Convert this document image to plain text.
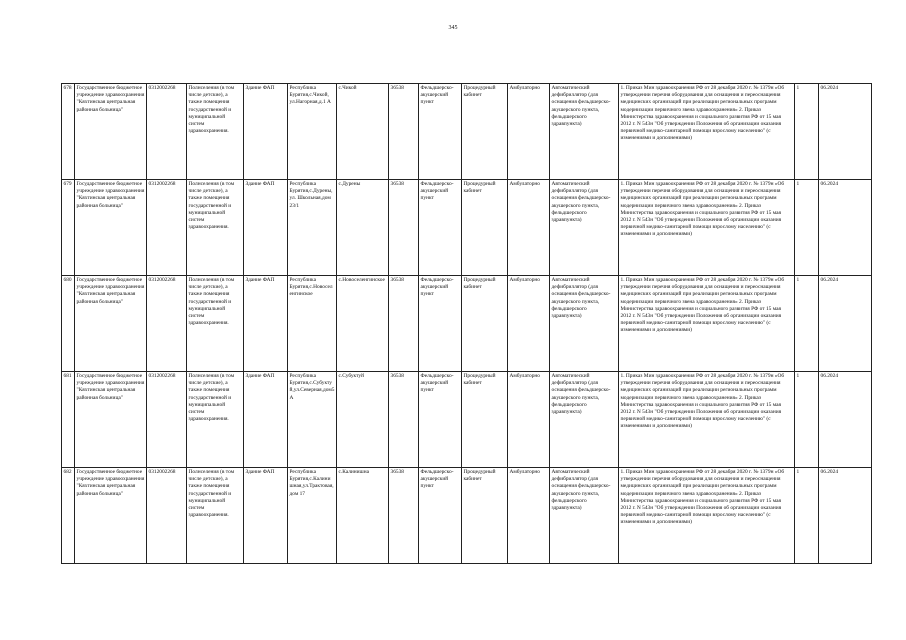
345
678	Государственное бюджетное учреждение здравоохранения "Кяхтинская центральная районная больница"	0312002268	Полнселения (в том числе детские), а также помещения государственной и муниципальной систем здравоохранения.	Здание ФАП	Республика Бурятия,с.Чикой, ул.Нагорная,д.1 А	с.Чикой	36538	Фельдшерско-акушерский пункт	Процедурный кабинет	Амбулаторно	Автоматический дефибриллятор (для оснащения фельдшерско-акушерского пункта, фельдшерского здравпункта)	1. Приказ Мин здравоохранения РФ от 28 декабря 2020 г. № 1379н «Об утверждении перечня оборудования для оснащения и переоснащения медицинских организаций при реализации региональных программ модернизации первичного звена здравоохранения» 2. Приказ Министерства здравоохранения и социального развития РФ от 15 мая 2012 г. N 543н "Об утверждении Положения об организации оказания первичной медико-санитарной помощи взрослому населению" (с изменениями и дополнениями)	1	06.2024
679	Государственное бюджетное учреждение здравоохранения "Кяхтинская центральная районная больница"	0312002268	Полнселения (в том числе детские), а также помещения государственной и муниципальной систем здравоохранения.	Здание ФАП	Республика Бурятия,с.Дурены,ул. Школьная,дом 23/1	с.Дурены	36538	Фельдшерско-акушерский пункт	Процедурный кабинет	Амбулаторно	Автоматический дефибриллятор (для оснащения фельдшерско-акушерского пункта, фельдшерского здравпункта)	1. Приказ Мин здравоохранения РФ от 28 декабря 2020 г. № 1379н «Об утверждении перечня оборудования для оснащения и переоснащения медицинских организаций при реализации региональных программ модернизации первичного звена здравоохранения» 2. Приказ Министерства здравоохранения и социального развития РФ от 15 мая 2012 г. N 543н "Об утверждении Положения об организации оказания первичной медико-санитарной помощи взрослому населению" (с изменениями и дополнениями)	1	06.2024
680	Государственное бюджетное учреждение здравоохранения "Кяхтинская центральная районная больница"	0312002268	Полнселения (в том числе детские), а также помещения государственной и муниципальной систем здравоохранения.	Здание ФАП	Республика Бурятия,с.Новоселенгинское	с.Новоселенгинское	36538	Фельдшерско-акушерский пункт	Процедурный кабинет	Амбулаторно	Автоматический дефибриллятор (для оснащения фельдшерско-акушерского пункта, фельдшерского здравпункта)	1. Приказ Мин здравоохранения РФ от 28 декабря 2020 г. № 1379н «Об утверждении перечня оборудования для оснащения и переоснащения медицинских организаций при реализации региональных программ модернизации первичного звена здравоохранения» 2. Приказ Министерства здравоохранения и социального развития РФ от 15 мая 2012 г. N 543н "Об утверждении Положения об организации оказания первичной медико-санитарной помощи взрослому населению" (с изменениями и дополнениями)	1	06.2024
681	Государственное бюджетное учреждение здравоохранения "Кяхтинская центральная районная больница"	0312002268	Полнселения (в том числе детские), а также помещения государственной и муниципальной систем здравоохранения.	Здание ФАП	Республика Бурятия,с.Субуктуй,ул.Северная,дом5А	с.Субуктуй	36538	Фельдшерско-акушерский пункт	Процедурный кабинет	Амбулаторно	Автоматический дефибриллятор (для оснащения фельдшерско-акушерского пункта, фельдшерского здравпункта)	1. Приказ Мин здравоохранения РФ от 28 декабря 2020 г. № 1379н «Об утверждении перечня оборудования для оснащения и переоснащения медицинских организаций при реализации региональных программ модернизации первичного звена здравоохранения» 2. Приказ Министерства здравоохранения и социального развития РФ от 15 мая 2012 г. N 543н "Об утверждении Положения об организации оказания первичной медико-санитарной помощи взрослому населению" (с изменениями и дополнениями)	1	06.2024
682	Государственное бюджетное учреждение здравоохранения "Кяхтинская центральная районная больница"	0312002268	Полнселения (в том числе детские), а также помещения государственной и муниципальной систем здравоохранения.	Здание ФАП	Республика Бурятия,с.Калинишная,ул.Трактовая,дом 17	с.Калинишна	36538	Фельдшерско-акушерский пункт	Процедурный кабинет	Амбулаторно	Автоматический дефибриллятор (для оснащения фельдшерско-акушерского пункта, фельдшерского здравпункта)	1. Приказ Мин здравоохранения РФ от 28 декабря 2020 г. № 1379н «Об утверждении перечня оборудования для оснащения и переоснащения медицинских организаций при реализации региональных программ модернизации первичного звена здравоохранения» 2. Приказ Министерства здравоохранения и социального развития РФ от 15 мая 2012 г. N 543н "Об утверждении Положения об организации оказания первичной медико-санитарной помощи взрослому населению" (с изменениями и дополнениями)	1	06.2024
